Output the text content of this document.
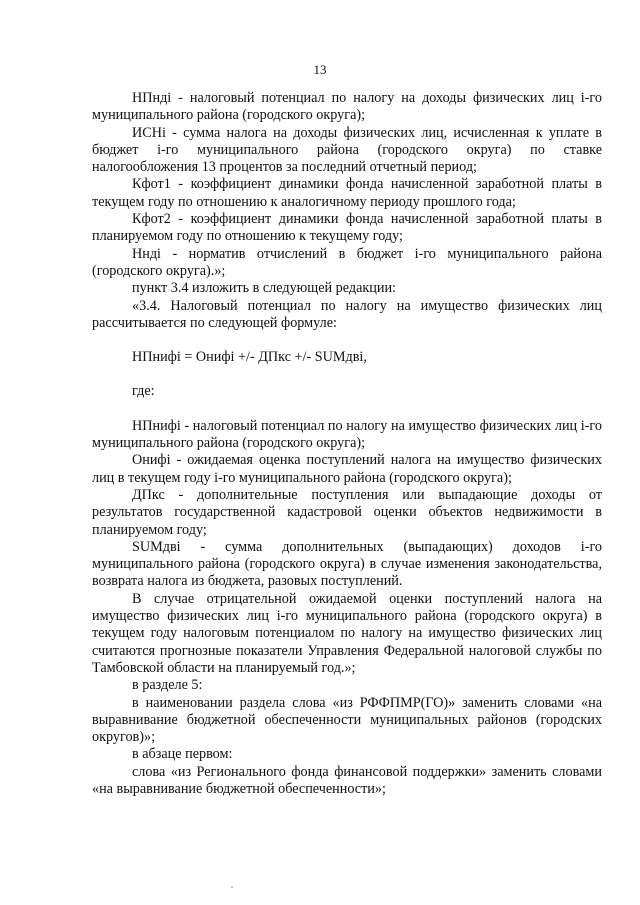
13

НПндi - налоговый потенциал по налогу на доходы физических лиц i-го муниципального района (городского округа);

ИСНi - сумма налога на доходы физических лиц, исчисленная к уплате в бюджет i-го муниципального района (городского округа) по ставке налогообложения 13 процентов за последний отчетный период;

Кфот1 - коэффициент динамики фонда начисленной заработной платы в текущем году по отношению к аналогичному периоду прошлого года;

Кфот2 - коэффициент динамики фонда начисленной заработной платы в планируемом году по отношению к текущему году;

Нндi - норматив отчислений в бюджет i-го муниципального района (городского округа).»;

пункт 3.4 изложить в следующей редакции:

«3.4. Налоговый потенциал по налогу на имущество физических лиц рассчитывается по следующей формуле:

НПнифi = Онифi +/- ДПкс +/- SUMдвi,

где:

НПнифi - налоговый потенциал по налогу на имущество физических лиц i-го муниципального района (городского округа);

Онифi - ожидаемая оценка поступлений налога на имущество физических лиц в текущем году i-го муниципального района (городского округа);

ДПкс - дополнительные поступления или выпадающие доходы от результатов государственной кадастровой оценки объектов недвижимости в планируемом году;

SUMдвi - сумма дополнительных (выпадающих) доходов i-го муниципального района (городского округа) в случае изменения законодательства, возврата налога из бюджета, разовых поступлений.

В случае отрицательной ожидаемой оценки поступлений налога на имущество физических лиц i-го муниципального района (городского округа) в текущем году налоговым потенциалом по налогу на имущество физических лиц считаются прогнозные показатели Управления Федеральной налоговой службы по Тамбовской области на планируемый год.»;

в разделе 5:

в наименовании раздела слова «из РФФПМР(ГО)» заменить словами «на выравнивание бюджетной обеспеченности муниципальных районов (городских округов)»;

в абзаце первом:

слова «из Регионального фонда финансовой поддержки» заменить словами «на выравнивание бюджетной обеспеченности»;
